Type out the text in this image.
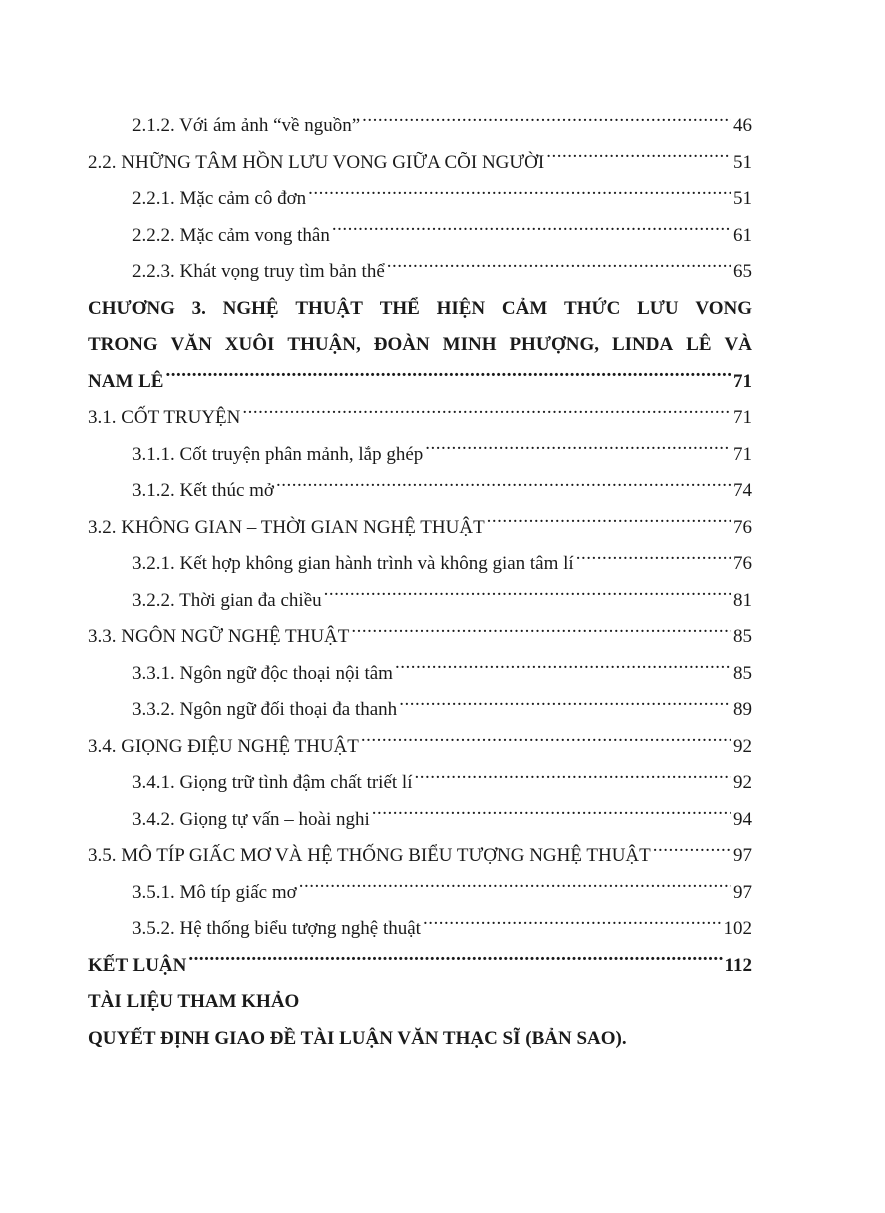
2.1.2. Với ám ảnh “về nguồn” .....	46
2.2. NHỮNG TÂM HỒN LƯU VONG GIỮA CÕI NGƯỜI .....	51
2.2.1. Mặc cảm cô đơn .....	51
2.2.2. Mặc cảm vong thân .....	61
2.2.3. Khát vọng truy tìm bản thể .....	65
CHƯƠNG 3. NGHỆ THUẬT THỂ HIỆN CẢM THỨC LƯU VONG
TRONG VĂN XUÔI THUẬN, ĐOÀN MINH PHƯỢNG, LINDA LÊ VÀ
NAM LÊ .....	71
3.1. CỐT TRUYỆN .....	71
3.1.1. Cốt truyện phân mảnh, lắp ghép .....	71
3.1.2. Kết thúc mở .....	74
3.2. KHÔNG GIAN – THỜI GIAN NGHỆ THUẬT .....	76
3.2.1. Kết hợp không gian hành trình và không gian tâm lí .....	76
3.2.2. Thời gian đa chiều .....	81
3.3. NGÔN NGỮ NGHỆ THUẬT .....	85
3.3.1. Ngôn ngữ độc thoại nội tâm .....	85
3.3.2. Ngôn ngữ đối thoại đa thanh .....	89
3.4. GIỌNG ĐIỆU NGHỆ THUẬT .....	92
3.4.1. Giọng trữ tình đậm chất triết lí .....	92
3.4.2. Giọng tự vấn – hoài nghi .....	94
3.5. MÔ TÍP GIẤC MƠ VÀ HỆ THỐNG BIỂU TƯỢNG NGHỆ THUẬT .....	97
3.5.1. Mô típ giấc mơ .....	97
3.5.2. Hệ thống biểu tượng nghệ thuật .....	102
KẾT LUẬN .....	112
TÀI LIỆU THAM KHẢO
QUYẾT ĐỊNH GIAO ĐỀ TÀI LUẬN VĂN THẠC SĨ (BẢN SAO).
